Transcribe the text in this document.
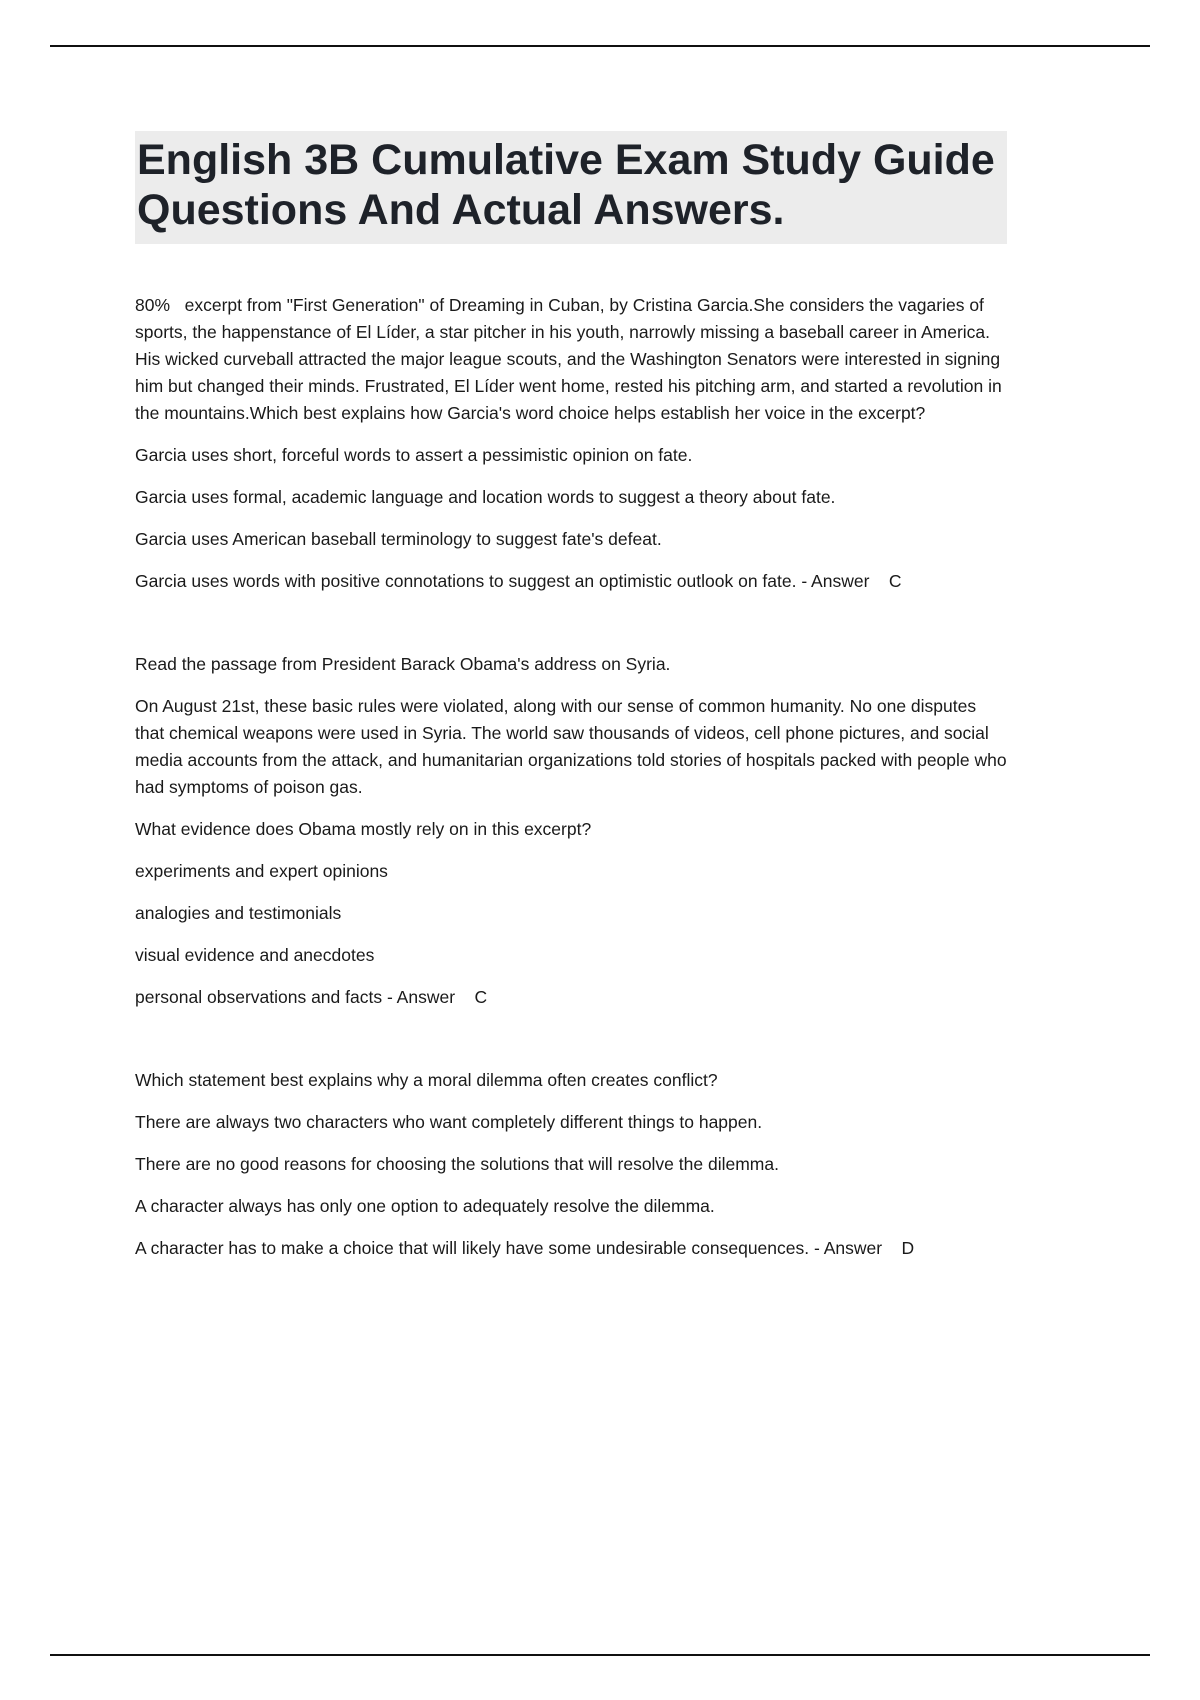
English 3B Cumulative Exam Study Guide
Questions And Actual Answers.

80%   excerpt from "First Generation" of Dreaming in Cuban, by Cristina Garcia.She considers the vagaries of sports, the happenstance of El Líder, a star pitcher in his youth, narrowly missing a baseball career in America. His wicked curveball attracted the major league scouts, and the Washington Senators were interested in signing him but changed their minds. Frustrated, El Líder went home, rested his pitching arm, and started a revolution in the mountains.Which best explains how Garcia's word choice helps establish her voice in the excerpt?

Garcia uses short, forceful words to assert a pessimistic opinion on fate.

Garcia uses formal, academic language and location words to suggest a theory about fate.

Garcia uses American baseball terminology to suggest fate's defeat.

Garcia uses words with positive connotations to suggest an optimistic outlook on fate. - Answer    C

Read the passage from President Barack Obama's address on Syria.

On August 21st, these basic rules were violated, along with our sense of common humanity. No one disputes that chemical weapons were used in Syria. The world saw thousands of videos, cell phone pictures, and social media accounts from the attack, and humanitarian organizations told stories of hospitals packed with people who had symptoms of poison gas.

What evidence does Obama mostly rely on in this excerpt?

experiments and expert opinions

analogies and testimonials

visual evidence and anecdotes

personal observations and facts - Answer    C

Which statement best explains why a moral dilemma often creates conflict?

There are always two characters who want completely different things to happen.

There are no good reasons for choosing the solutions that will resolve the dilemma.

A character always has only one option to adequately resolve the dilemma.

A character has to make a choice that will likely have some undesirable consequences. - Answer    D
